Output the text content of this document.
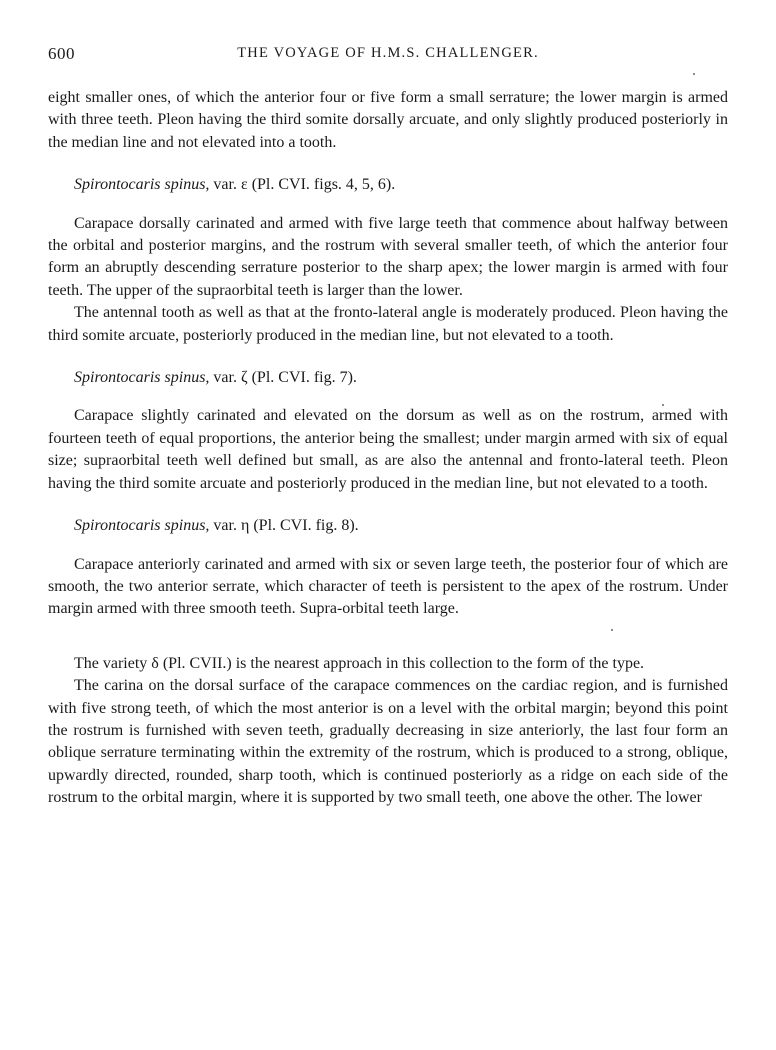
600	THE VOYAGE OF H.M.S. CHALLENGER.

eight smaller ones, of which the anterior four or five form a small serrature; the lower margin is armed with three teeth. Pleon having the third somite dorsally arcuate, and only slightly produced posteriorly in the median line and not elevated into a tooth.

Spirontocaris spinus, var. ε (Pl. CVI. figs. 4, 5, 6).

Carapace dorsally carinated and armed with five large teeth that commence about halfway between the orbital and posterior margins, and the rostrum with several smaller teeth, of which the anterior four form an abruptly descending serrature posterior to the sharp apex; the lower margin is armed with four teeth. The upper of the supraorbital teeth is larger than the lower.

The antennal tooth as well as that at the fronto-lateral angle is moderately produced. Pleon having the third somite arcuate, posteriorly produced in the median line, but not elevated to a tooth.

Spirontocaris spinus, var. ζ (Pl. CVI. fig. 7).

Carapace slightly carinated and elevated on the dorsum as well as on the rostrum, armed with fourteen teeth of equal proportions, the anterior being the smallest; under margin armed with six of equal size; supraorbital teeth well defined but small, as are also the antennal and fronto-lateral teeth. Pleon having the third somite arcuate and posteriorly produced in the median line, but not elevated to a tooth.

Spirontocaris spinus, var. η (Pl. CVI. fig. 8).

Carapace anteriorly carinated and armed with six or seven large teeth, the posterior four of which are smooth, the two anterior serrate, which character of teeth is persistent to the apex of the rostrum. Under margin armed with three smooth teeth. Supra-orbital teeth large.

The variety δ (Pl. CVII.) is the nearest approach in this collection to the form of the type.

The carina on the dorsal surface of the carapace commences on the cardiac region, and is furnished with five strong teeth, of which the most anterior is on a level with the orbital margin; beyond this point the rostrum is furnished with seven teeth, gradually decreasing in size anteriorly, the last four form an oblique serrature terminating within the extremity of the rostrum, which is produced to a strong, oblique, upwardly directed, rounded, sharp tooth, which is continued posteriorly as a ridge on each side of the rostrum to the orbital margin, where it is supported by two small teeth, one above the other. The lower
